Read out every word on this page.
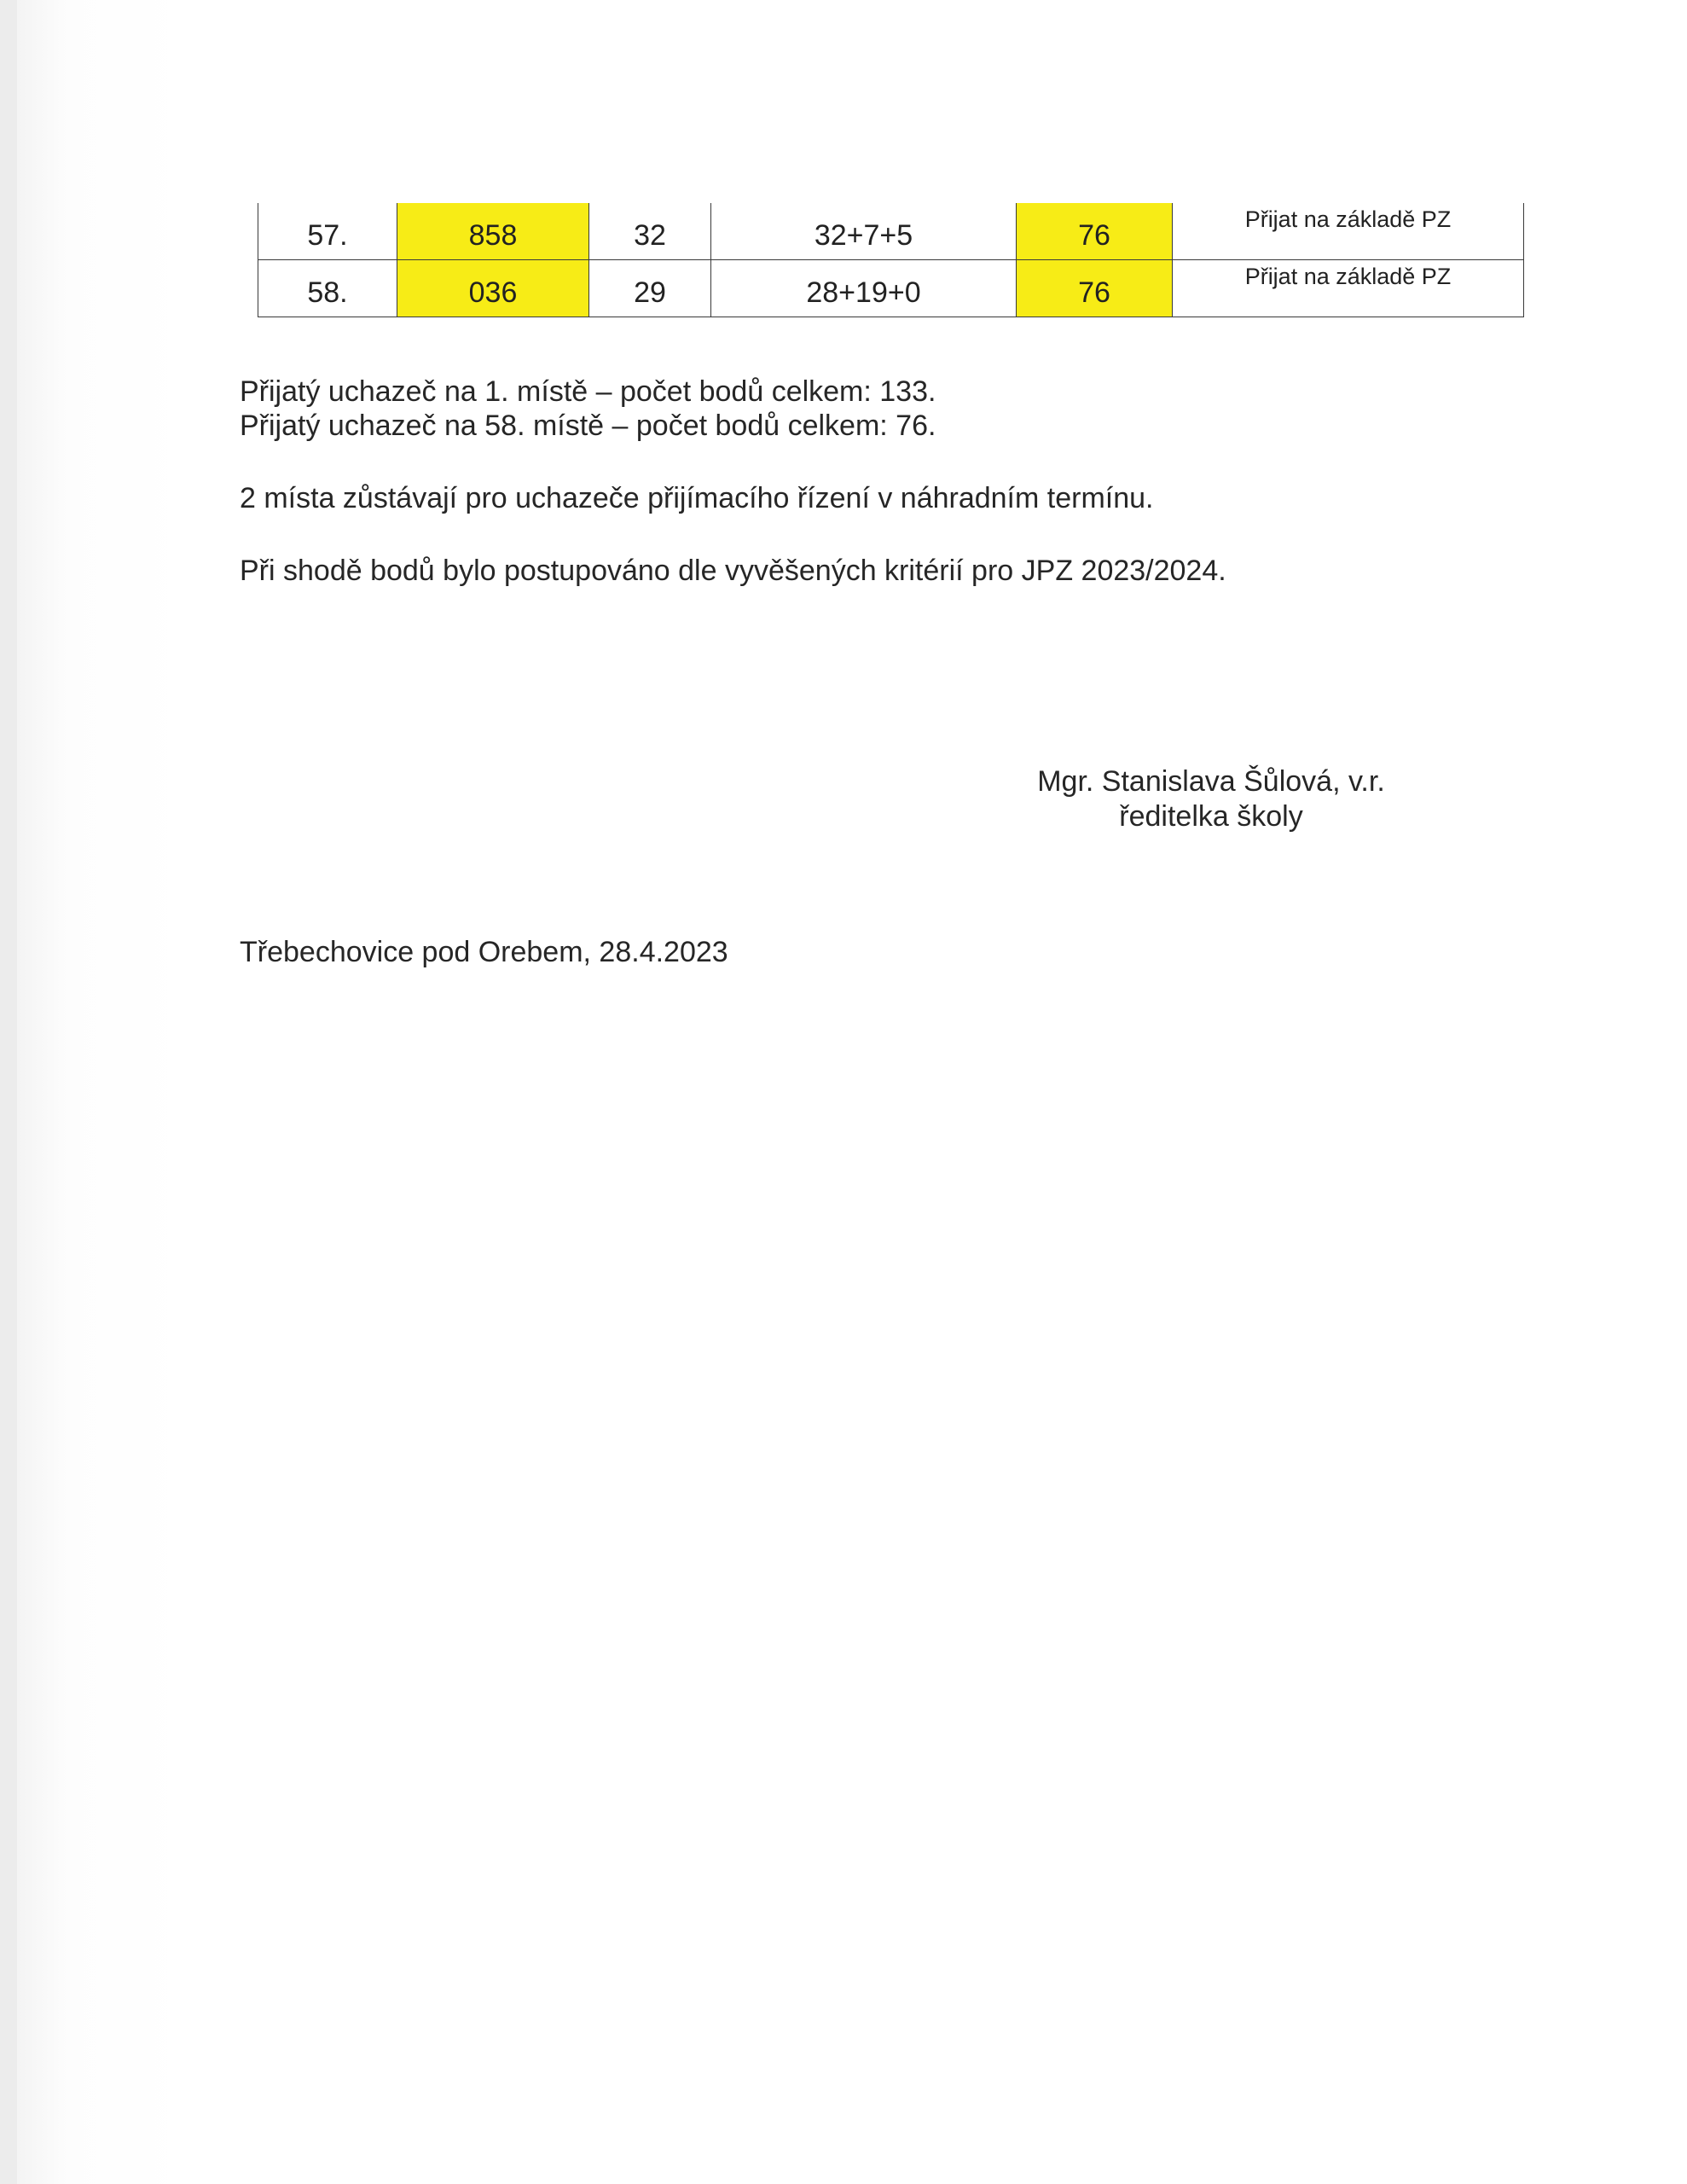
57.	858	32	32+7+5	76	Přijat na základě PZ

58.	036	29	28+19+0	76	Přijat na základě PZ
Přijatý uchazeč na 1. místě – počet bodů celkem: 133.
Přijatý uchazeč na 58. místě – počet bodů celkem: 76.
2 místa zůstávají pro uchazeče přijímacího řízení v náhradním termínu.
Při shodě bodů bylo postupováno dle vyvěšených kritérií pro JPZ 2023/2024.
Mgr. Stanislava Šůlová, v.r.
ředitelka školy
Třebechovice pod Orebem, 28.4.2023
